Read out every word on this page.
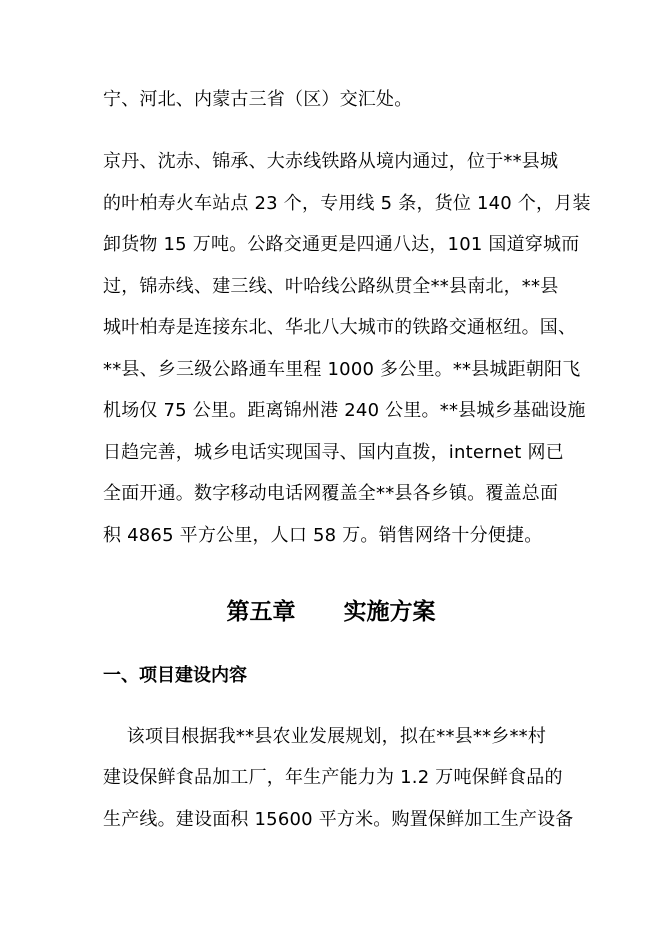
宁、河北、内蒙古三省（区）交汇处。
京丹、沈赤、锦承、大赤线铁路从境内通过，位于**县城
的叶柏寿火车站点 23 个，专用线 5 条，货位 140 个，月装
卸货物 15 万吨。公路交通更是四通八达，101 国道穿城而
过，锦赤线、建三线、叶哈线公路纵贯全**县南北，**县
城叶柏寿是连接东北、华北八大城市的铁路交通枢纽。国、
**县、乡三级公路通车里程 1000 多公里。**县城距朝阳飞
机场仅 75 公里。距离锦州港 240 公里。**县城乡基础设施
日趋完善，城乡电话实现国寻、国内直拨，internet 网已
全面开通。数字移动电话网覆盖全**县各乡镇。覆盖总面
积 4865 平方公里，人口 58 万。销售网络十分便捷。
第五章      实施方案
一、项目建设内容
该项目根据我**县农业发展规划，拟在**县**乡**村
建设保鲜食品加工厂，年生产能力为 1.2 万吨保鲜食品的
生产线。建设面积 15600 平方米。购置保鲜加工生产设备
